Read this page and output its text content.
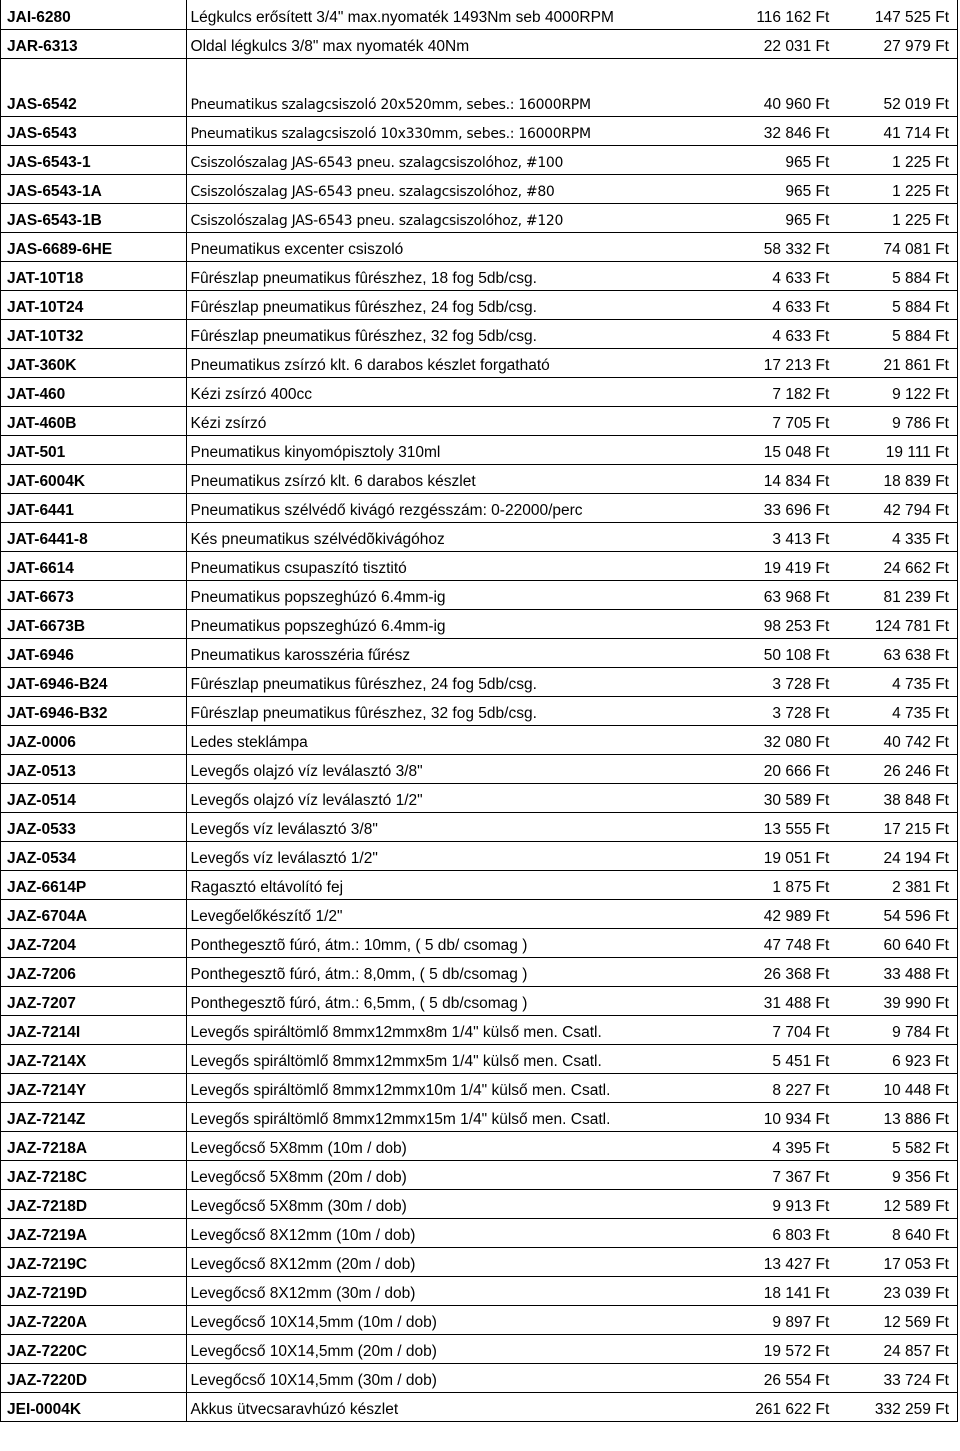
JAI-6280	Légkulcs erősített 3/4" max.nyomaték 1493Nm seb 4000RPM	116 162 Ft	147 525 Ft
JAR-6313	Oldal légkulcs 3/8" max nyomaték 40Nm	22 031 Ft	27 979 Ft
JAS-6542	Pneumatikus szalagcsiszoló 20x520mm, sebes.: 16000RPM	40 960 Ft	52 019 Ft
JAS-6543	Pneumatikus szalagcsiszoló 10x330mm, sebes.: 16000RPM	32 846 Ft	41 714 Ft
JAS-6543-1	Csiszolószalag JAS-6543 pneu. szalagcsiszolóhoz, #100	965 Ft	1 225 Ft
JAS-6543-1A	Csiszolószalag JAS-6543 pneu. szalagcsiszolóhoz, #80	965 Ft	1 225 Ft
JAS-6543-1B	Csiszolószalag JAS-6543 pneu. szalagcsiszolóhoz, #120	965 Ft	1 225 Ft
JAS-6689-6HE	Pneumatikus excenter csiszoló	58 332 Ft	74 081 Ft
JAT-10T18	Fûrészlap pneumatikus fûrészhez, 18 fog 5db/csg.	4 633 Ft	5 884 Ft
JAT-10T24	Fûrészlap pneumatikus fûrészhez, 24 fog 5db/csg.	4 633 Ft	5 884 Ft
JAT-10T32	Fûrészlap pneumatikus fûrészhez, 32 fog 5db/csg.	4 633 Ft	5 884 Ft
JAT-360K	Pneumatikus zsírzó klt. 6 darabos készlet forgatható	17 213 Ft	21 861 Ft
JAT-460	Kézi zsírzó 400cc	7 182 Ft	9 122 Ft
JAT-460B	Kézi zsírzó	7 705 Ft	9 786 Ft
JAT-501	Pneumatikus kinyomópisztoly 310ml	15 048 Ft	19 111 Ft
JAT-6004K	Pneumatikus zsírzó klt. 6 darabos készlet	14 834 Ft	18 839 Ft
JAT-6441	Pneumatikus szélvédő kivágó rezgésszám: 0-22000/perc	33 696 Ft	42 794 Ft
JAT-6441-8	Kés pneumatikus szélvédõkivágóhoz	3 413 Ft	4 335 Ft
JAT-6614	Pneumatikus csupaszító tisztitó	19 419 Ft	24 662 Ft
JAT-6673	Pneumatikus popszeghúzó 6.4mm-ig	63 968 Ft	81 239 Ft
JAT-6673B	Pneumatikus popszeghúzó 6.4mm-ig	98 253 Ft	124 781 Ft
JAT-6946	Pneumatikus karosszéria fűrész	50 108 Ft	63 638 Ft
JAT-6946-B24	Fûrészlap pneumatikus fûrészhez, 24 fog 5db/csg.	3 728 Ft	4 735 Ft
JAT-6946-B32	Fûrészlap pneumatikus fûrészhez, 32 fog 5db/csg.	3 728 Ft	4 735 Ft
JAZ-0006	Ledes steklámpa	32 080 Ft	40 742 Ft
JAZ-0513	Levegős olajzó víz leválasztó 3/8"	20 666 Ft	26 246 Ft
JAZ-0514	Levegős olajzó víz leválasztó 1/2"	30 589 Ft	38 848 Ft
JAZ-0533	Levegős víz leválasztó 3/8"	13 555 Ft	17 215 Ft
JAZ-0534	Levegős víz leválasztó 1/2"	19 051 Ft	24 194 Ft
JAZ-6614P	Ragasztó eltávolító fej	1 875 Ft	2 381 Ft
JAZ-6704A	Levegőelőkészítő 1/2"	42 989 Ft	54 596 Ft
JAZ-7204	Ponthegesztõ fúró, átm.: 10mm, ( 5 db/ csomag )	47 748 Ft	60 640 Ft
JAZ-7206	Ponthegesztõ fúró, átm.: 8,0mm, ( 5 db/csomag )	26 368 Ft	33 488 Ft
JAZ-7207	Ponthegesztõ fúró, átm.: 6,5mm, ( 5 db/csomag )	31 488 Ft	39 990 Ft
JAZ-7214I	Levegős spiráltömlő 8mmx12mmx8m 1/4" külső men. Csatl.	7 704 Ft	9 784 Ft
JAZ-7214X	Levegős spiráltömlő 8mmx12mmx5m 1/4" külső men. Csatl.	5 451 Ft	6 923 Ft
JAZ-7214Y	Levegős spiráltömlő 8mmx12mmx10m 1/4" külső men. Csatl.	8 227 Ft	10 448 Ft
JAZ-7214Z	Levegős spiráltömlő 8mmx12mmx15m 1/4" külső men. Csatl.	10 934 Ft	13 886 Ft
JAZ-7218A	Levegőcső 5X8mm (10m / dob)	4 395 Ft	5 582 Ft
JAZ-7218C	Levegőcső 5X8mm (20m / dob)	7 367 Ft	9 356 Ft
JAZ-7218D	Levegőcső 5X8mm (30m / dob)	9 913 Ft	12 589 Ft
JAZ-7219A	Levegőcső 8X12mm (10m / dob)	6 803 Ft	8 640 Ft
JAZ-7219C	Levegőcső 8X12mm (20m / dob)	13 427 Ft	17 053 Ft
JAZ-7219D	Levegőcső 8X12mm (30m / dob)	18 141 Ft	23 039 Ft
JAZ-7220A	Levegőcső 10X14,5mm (10m / dob)	9 897 Ft	12 569 Ft
JAZ-7220C	Levegőcső 10X14,5mm (20m / dob)	19 572 Ft	24 857 Ft
JAZ-7220D	Levegőcső 10X14,5mm (30m / dob)	26 554 Ft	33 724 Ft
JEI-0004K	Akkus ütvecsaravhúzó készlet	261 622 Ft	332 259 Ft
